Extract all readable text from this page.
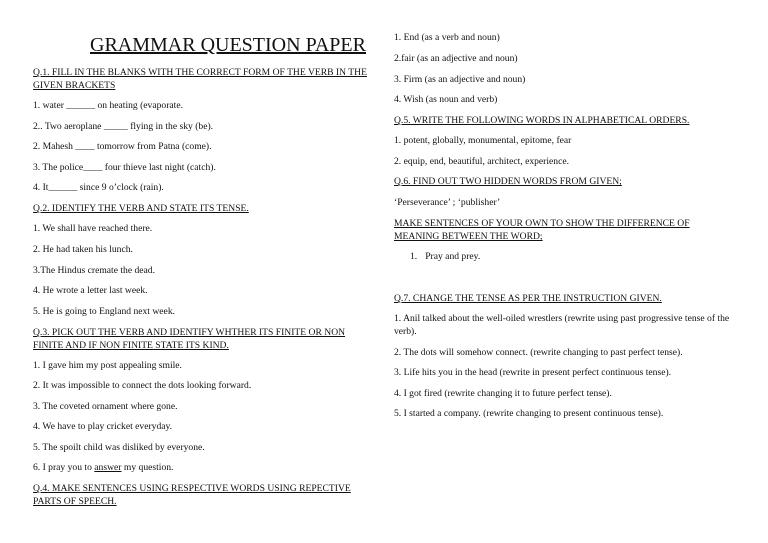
GRAMMAR QUESTION PAPER
Q.1. FILL IN THE BLANKS WITH THE CORRECT FORM OF THE VERB IN THE GIVEN BRACKETS
1. water ______ on heating (evaporate.
2.. Two aeroplane _____ flying in the sky (be).
2. Mahesh ____ tomorrow from Patna (come).
3. The police____ four thieve last night (catch).
4. It______ since 9 o’clock (rain).
Q.2. IDENTIFY THE VERB AND STATE ITS TENSE.
1. We shall have reached there.
2. He had taken his lunch.
3.The Hindus cremate the dead.
4. He wrote a letter last week.
5. He is going to England next week.
Q.3. PICK OUT THE VERB AND IDENTIFY WHTHER ITS FINITE OR NON FINITE AND IF NON FINITE STATE ITS KIND.
1. I gave him my post appealing smile.
2. It was impossible to connect the dots looking forward.
3. The coveted ornament where gone.
4. We have to play cricket everyday.
5. The spoilt child was disliked by everyone.
6. I pray you to answer my question.
Q.4. MAKE SENTENCES USING RESPECTIVE WORDS USING REPECTIVE PARTS OF SPEECH.
1. End (as a verb and noun)
2.fair (as an adjective and noun)
3. Firm (as an adjective and noun)
4. Wish (as noun and verb)
Q.5. WRITE THE FOLLOWING WORDS IN ALPHABETICAL ORDERS.
1. potent, globally, monumental, epitome, fear
2. equip, end, beautiful, architect, experience.
Q.6. FIND OUT TWO HIDDEN WORDS FROM GIVEN;
‘Perseverance’ ; ‘publisher’
MAKE SENTENCES OF YOUR OWN TO SHOW THE DIFFERENCE OF MEANING BETWEEN THE WORD;
1. Pray and prey.
Q.7. CHANGE THE TENSE AS PER THE INSTRUCTION GIVEN.
1. Anil talked about the well-oiled wrestlers (rewrite using past progressive tense of the verb).
2. The dots will somehow connect. (rewrite changing to past perfect tense).
3. Life hits you in the head (rewrite in present perfect continuous tense).
4. I got fired (rewrite changing it to future perfect tense).
5. I started a company. (rewrite changing to present continuous tense).
